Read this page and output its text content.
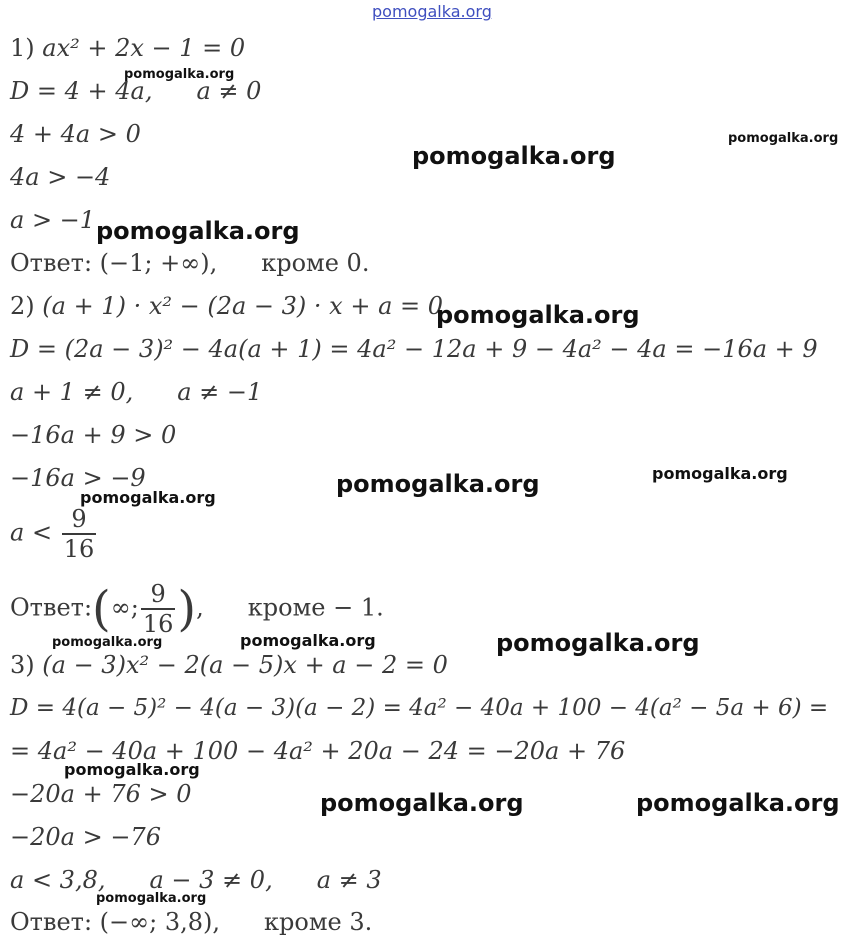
1) ax² + 2x − 1 = 0
D = 4 + 4a, a ≠ 0
4 + 4a > 0
4a > −4
a > −1
Ответ: (−1; +∞), кроме 0.
2) (a + 1) · x² − (2a − 3) · x + a = 0
D = (2a − 3)² − 4a(a + 1) = 4a² − 12a + 9 − 4a² − 4a = −16a + 9
a + 1 ≠ 0, a ≠ −1
−16a + 9 > 0
−16a > −9
$a < \frac{9}{16}$
Ответ:(∞; $\frac{9}{16}$ ), кроме − 1.
3) (a − 3)x² − 2(a − 5)x + a − 2 = 0
D = 4(a − 5)² − 4(a − 3)(a − 2) = 4a² − 40a + 100 − 4(a² − 5a + 6) =
= 4a² − 40a + 100 − 4a² + 20a − 24 = −20a + 76
−20a + 76 > 0
−20a > −76
a < 3,8, a − 3 ≠ 0, a ≠ 3
Ответ: (−∞; 3,8), кроме 3.
pomogalka.org
pomogalka.org
pomogalka.org
pomogalka.org
pomogalka.org
pomogalka.org
pomogalka.org
pomogalka.org
pomogalka.org
pomogalka.org	pomogalka.org	pomogalka.org
pomogalka.org
pomogalka.org	pomogalka.org
pomogalka.org
